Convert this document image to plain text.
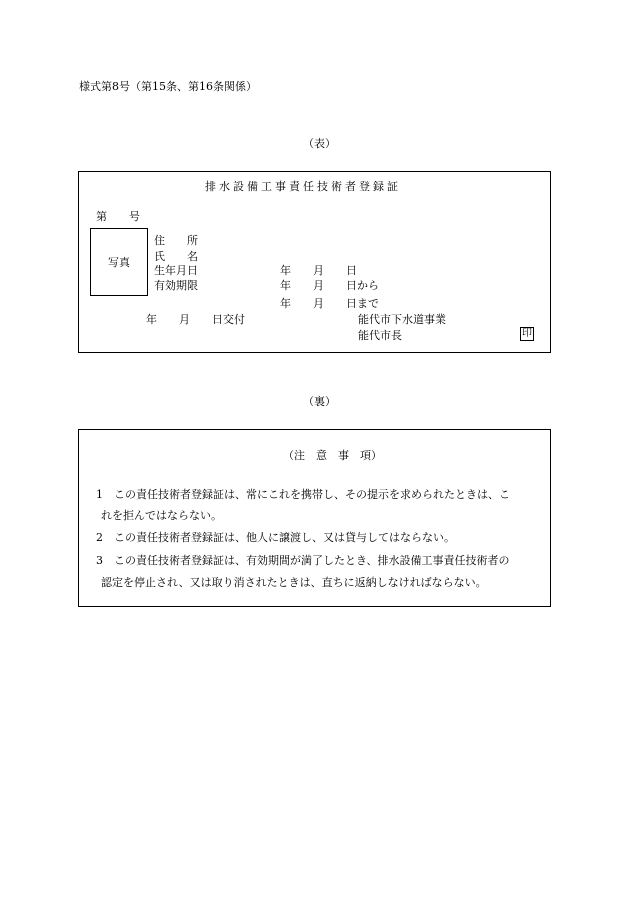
様式第8号（第15条、第16条関係）
（表）
排水設備工事責任技術者登録証
第　　号
写真
住　　所
氏　　名
生年月日	年　　月　　日
有効期限	年　　月　　日から
年　　月　　日まで
年　　月　　日交付	能代市下水道事業
能代市長	印
（裏）
（注　意　事　項）
1　この責任技術者登録証は、常にこれを携帯し、その提示を求められたときは、こ
れを拒んではならない。
2　この責任技術者登録証は、他人に譲渡し、又は貸与してはならない。
3　この責任技術者登録証は、有効期間が満了したとき、排水設備工事責任技術者の
認定を停止され、又は取り消されたときは、直ちに返納しなければならない。
